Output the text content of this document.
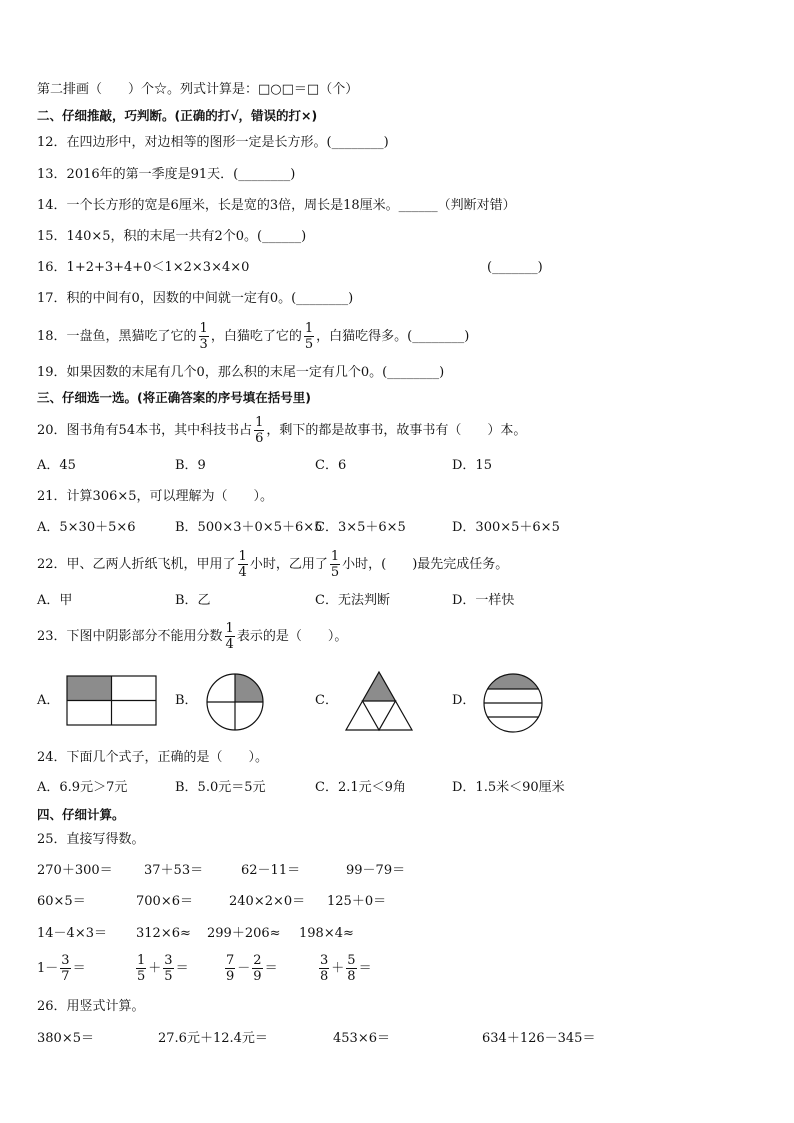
第二排画（　　）个☆。列式计算是：□○□＝□（个）
二、仔细推敲，巧判断。(正确的打√，错误的打×)
12．在四边形中，对边相等的图形一定是长方形。(________)
13．2016年的第一季度是91天．(________)
14．一个长方形的宽是6厘米，长是宽的3倍，周长是18厘米。______（判断对错）
15．140×5，积的末尾一共有2个0。(______)
16．1+2+3+4+0＜1×2×3×4×0	(_______)
17．积的中间有0，因数的中间就一定有0。(________)
18．一盘鱼，黑猫吃了它的 $\frac{1}{3}$ ，白猫吃了它的 $\frac{1}{5}$ ，白猫吃得多。(________)
19．如果因数的末尾有几个0，那么积的末尾一定有几个0。(________)
三、仔细选一选。(将正确答案的序号填在括号里)
20．图书角有54本书，其中科技书占 $\frac{1}{6}$ ，剩下的都是故事书，故事书有（　　）本。
A．45	B．9	C．6	D．15
21．计算306×5，可以理解为（　　）。
A．5×30＋5×6	B．500×3＋0×5＋6×5
C．3×5＋6×5	D．300×5＋6×5
22．甲、乙两人折纸飞机，甲用了 $\frac{1}{4}$ 小时，乙用了 $\frac{1}{5}$ 小时，(　　)最先完成任务。
A．甲	B．乙	C．无法判断	D．一样快
23．下图中阴影部分不能用分数 $\frac{1}{4}$ 表示的是（　　）。
A．	B．	C．	D．
24．下面几个式子，正确的是（　　）。
A．6.9元＞7元	B．5.0元＝5元	C．2.1元＜9角	D．1.5米＜90厘米
四、仔细计算。
25．直接写得数。
270＋300＝ 37＋53＝	62－11＝	99－79＝
60×5＝	700×6＝	240×2×0＝ 125＋0＝
14－4×3＝ 312×6≈ 299＋206≈ 198×4≈
$1- \frac{3}{7}$ ＝	$\frac{1}{5} + \frac{3}{5}$ ＝	$\frac{7}{9} - \frac{2}{9}$ ＝	$\frac{3}{8} + \frac{5}{8}$ ＝
26．用竖式计算。
380×5＝	27.6元＋12.4元＝	453×6＝	634＋126－345＝
